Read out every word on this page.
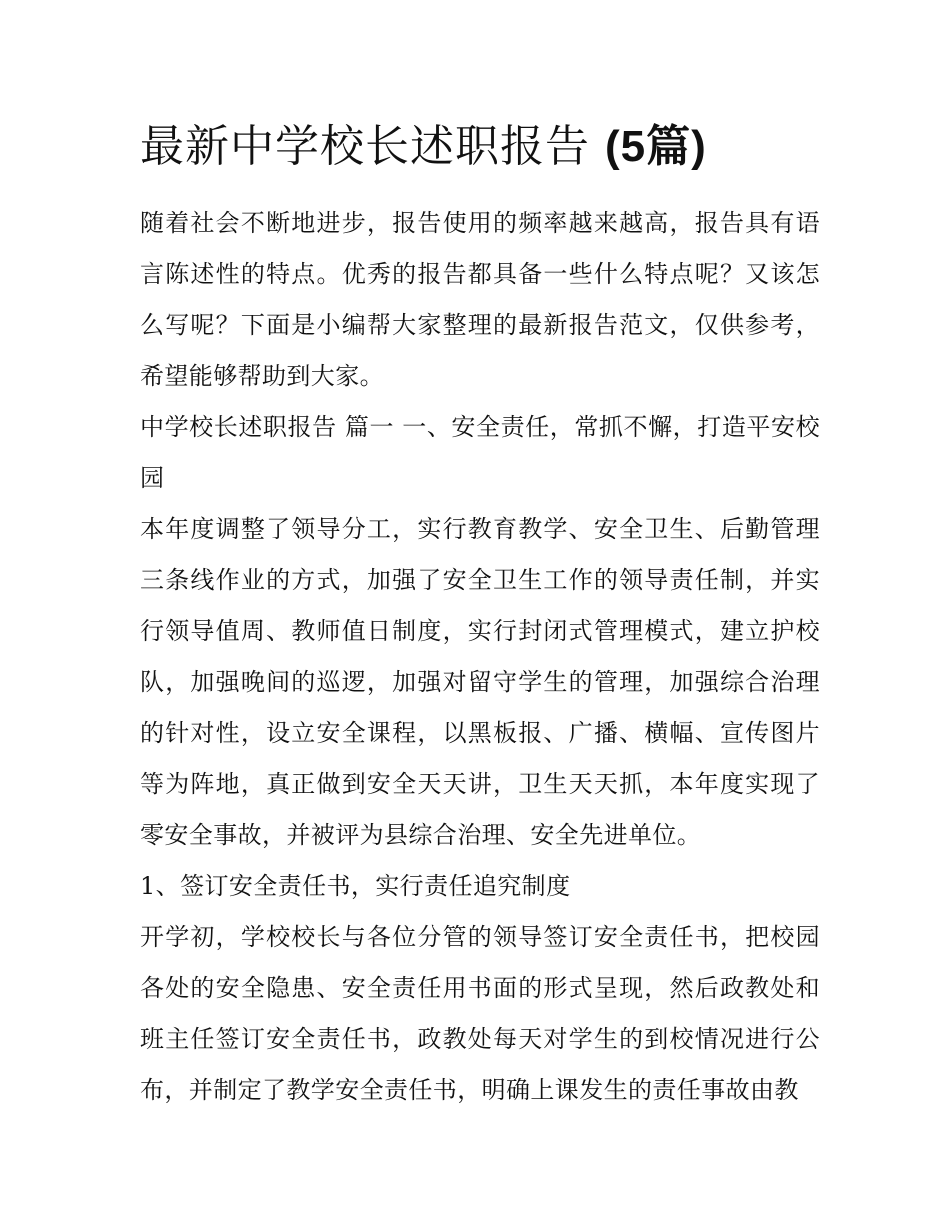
最新中学校长述职报告 (5篇)

随着社会不断地进步，报告使用的频率越来越高，报告具有语言陈述性的特点。优秀的报告都具备一些什么特点呢？又该怎么写呢？下面是小编帮大家整理的最新报告范文，仅供参考，希望能够帮助到大家。

中学校长述职报告 篇一 一、安全责任，常抓不懈，打造平安校园

本年度调整了领导分工，实行教育教学、安全卫生、后勤管理三条线作业的方式，加强了安全卫生工作的领导责任制，并实行领导值周、教师值日制度，实行封闭式管理模式，建立护校队，加强晚间的巡逻，加强对留守学生的管理，加强综合治理的针对性，设立安全课程，以黑板报、广播、横幅、宣传图片等为阵地，真正做到安全天天讲，卫生天天抓，本年度实现了零安全事故，并被评为县综合治理、安全先进单位。

1、签订安全责任书，实行责任追究制度

开学初，学校校长与各位分管的领导签订安全责任书，把校园各处的安全隐患、安全责任用书面的形式呈现，然后政教处和班主任签订安全责任书，政教处每天对学生的到校情况进行公布，并制定了教学安全责任书，明确上课发生的责任事故由教
